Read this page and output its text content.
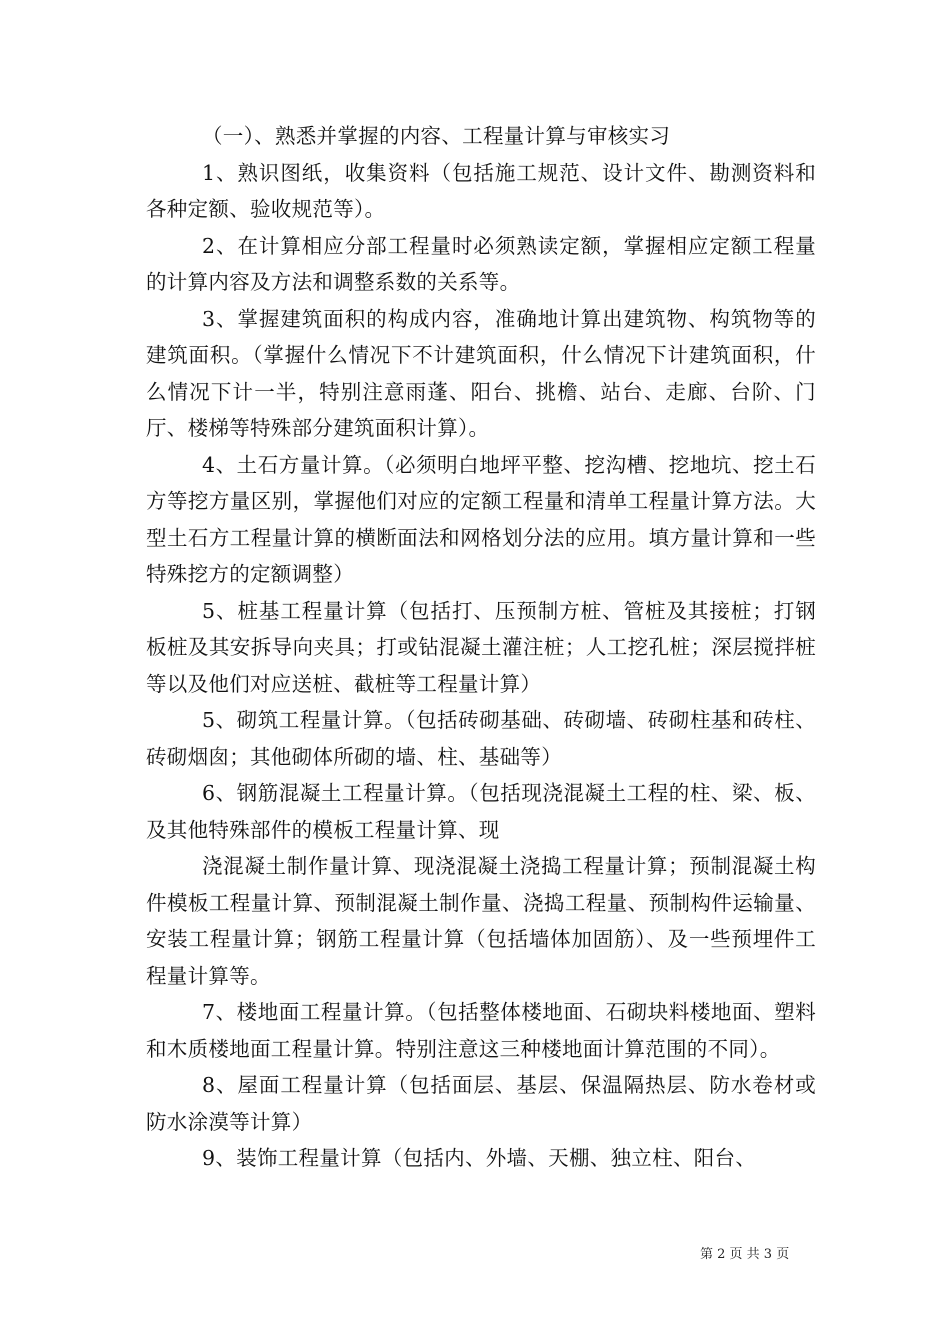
（一）、熟悉并掌握的内容、工程量计算与审核实习

1、熟识图纸，收集资料（包括施工规范、设计文件、勘测资料和各种定额、验收规范等）。

2、在计算相应分部工程量时必须熟读定额，掌握相应定额工程量的计算内容及方法和调整系数的关系等。

3、掌握建筑面积的构成内容，准确地计算出建筑物、构筑物等的建筑面积。（掌握什么情况下不计建筑面积，什么情况下计建筑面积，什么情况下计一半，特别注意雨蓬、阳台、挑檐、站台、走廊、台阶、门厅、楼梯等特殊部分建筑面积计算）。

4、土石方量计算。（必须明白地坪平整、挖沟槽、挖地坑、挖土石方等挖方量区别，掌握他们对应的定额工程量和清单工程量计算方法。大型土石方工程量计算的横断面法和网格划分法的应用。填方量计算和一些特殊挖方的定额调整）

5、桩基工程量计算（包括打、压预制方桩、管桩及其接桩；打钢板桩及其安拆导向夹具；打或钻混凝土灌注桩；人工挖孔桩；深层搅拌桩等以及他们对应送桩、截桩等工程量计算）

5、砌筑工程量计算。（包括砖砌基础、砖砌墙、砖砌柱基和砖柱、砖砌烟囱；其他砌体所砌的墙、柱、基础等）

6、钢筋混凝土工程量计算。（包括现浇混凝土工程的柱、梁、板、及其他特殊部件的模板工程量计算、现

浇混凝土制作量计算、现浇混凝土浇捣工程量计算；预制混凝土构件模板工程量计算、预制混凝土制作量、浇捣工程量、预制构件运输量、安装工程量计算；钢筋工程量计算（包括墙体加固筋）、及一些预埋件工程量计算等。

7、楼地面工程量计算。（包括整体楼地面、石砌块料楼地面、塑料和木质楼地面工程量计算。特别注意这三种楼地面计算范围的不同）。

8、屋面工程量计算（包括面层、基层、保温隔热层、防水卷材或防水涂漠等计算）

9、装饰工程量计算（包括内、外墙、天棚、独立柱、阳台、

第 2 页 共 3 页
